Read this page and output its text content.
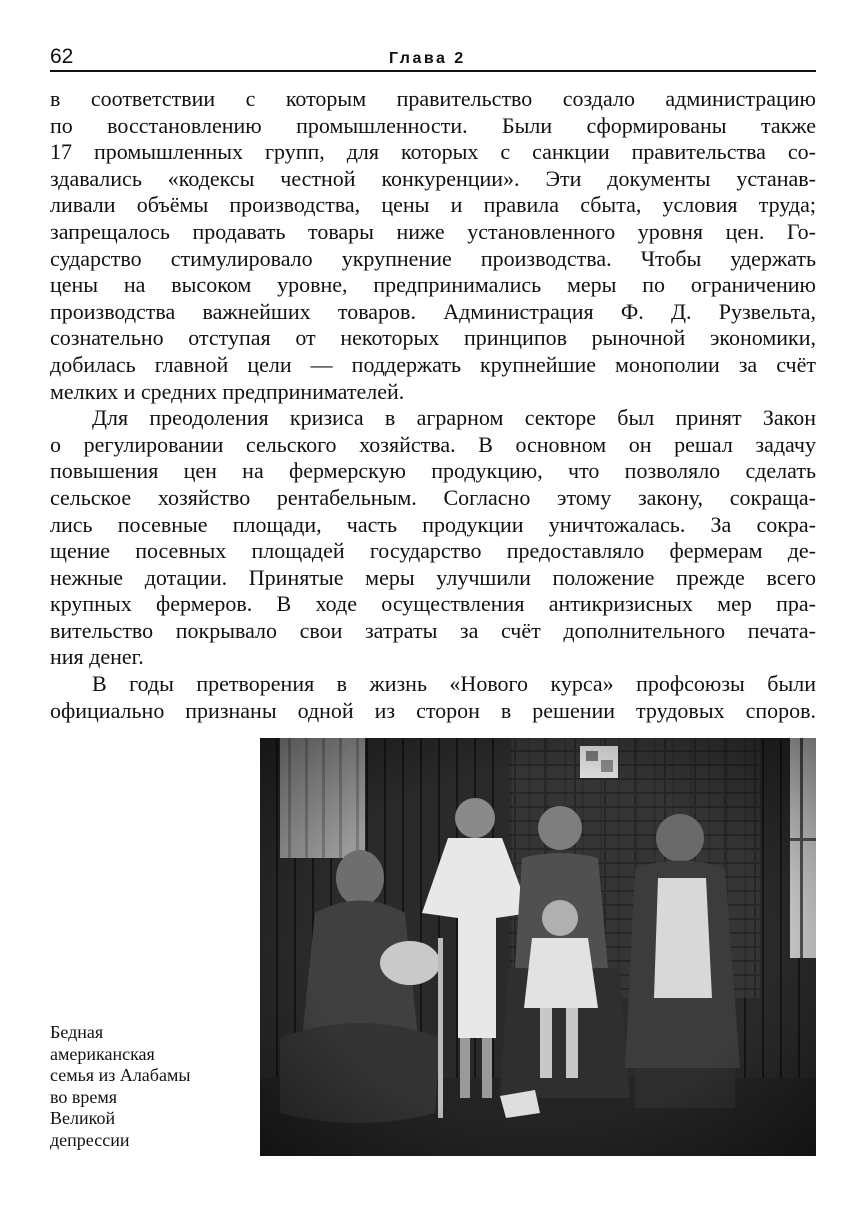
62	Глава 2

в соответствии с которым правительство создало администрацию
по восстановлению промышленности. Были сформированы также
17 промышленных групп, для которых с санкции правительства со-
здавались «кодексы честной конкуренции». Эти документы устанав-
ливали объёмы производства, цены и правила сбыта, условия труда;
запрещалось продавать товары ниже установленного уровня цен. Го-
сударство стимулировало укрупнение производства. Чтобы удержать
цены на высоком уровне, предпринимались меры по ограничению
производства важнейших товаров. Администрация Ф. Д. Рузвельта,
сознательно отступая от некоторых принципов рыночной экономики,
добилась главной цели — поддержать крупнейшие монополии за счёт
мелких и средних предпринимателей.

Для преодоления кризиса в аграрном секторе был принят Закон
о регулировании сельского хозяйства. В основном он решал задачу
повышения цен на фермерскую продукцию, что позволяло сделать
сельское хозяйство рентабельным. Согласно этому закону, сокраща-
лись посевные площади, часть продукции уничтожалась. За сокра-
щение посевных площадей государство предоставляло фермерам де-
нежные дотации. Принятые меры улучшили положение прежде всего
крупных фермеров. В ходе осуществления антикризисных мер пра-
вительство покрывало свои затраты за счёт дополнительного печата-
ния денег.

В годы претворения в жизнь «Нового курса» профсоюзы были
официально признаны одной из сторон в решении трудовых споров.

Бедная
американская
семья из Алабамы
во время
Великой
депрессии
